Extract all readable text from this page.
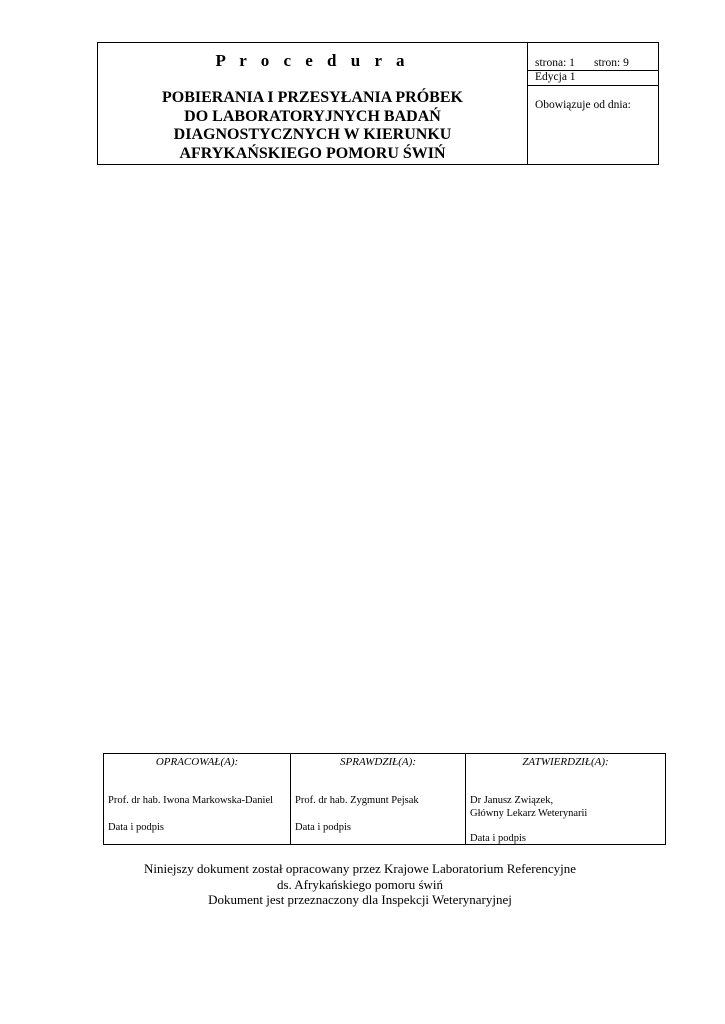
P r o c e d u r a
POBIERANIA I PRZESYŁANIA PRÓBEK
DO LABORATORYJNYCH BADAŃ
DIAGNOSTYCZNYCH W KIERUNKU
AFRYKAŃSKIEGO POMORU ŚWIŃ
strona: 1 stron: 9
Edycja 1
Obowiązuje od dnia:
OPRACOWAŁ(A):
Prof. dr hab. Iwona Markowska-Daniel
Data i podpis
SPRAWDZIŁ(A):
Prof. dr hab. Zygmunt Pejsak
Data i podpis
ZATWIERDZIŁ(A):
Dr Janusz Związek,
Główny Lekarz Weterynarii
Data i podpis
Niniejszy dokument został opracowany przez Krajowe Laboratorium Referencyjne
ds. Afrykańskiego pomoru świń
Dokument jest przeznaczony dla Inspekcji Weterynaryjnej
